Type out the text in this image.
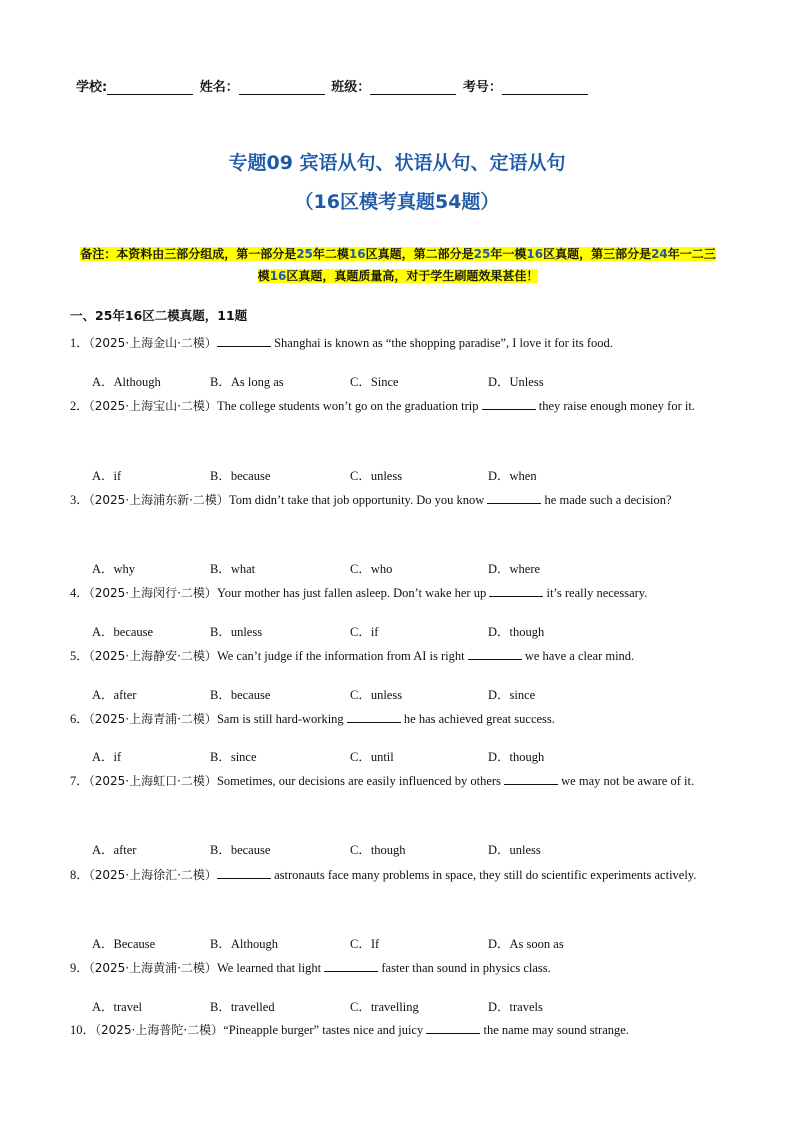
学校:	姓名：	班级：	考号：
专题09 宾语从句、状语从句、定语从句
（16区模考真题54题）
备注：本资料由三部分组成，第一部分是25年二模16区真题，第二部分是25年一模16区真题，第三部分是24年一二三模16区真题，真题质量高，对于学生刷题效果甚佳！
一、25年16区二模真题，11题
1．（2025·上海金山·二模）	Shanghai is known as “the shopping paradise”, I love it for its food.
A．Although	B．As long as	C．Since	D．Unless
2．（2025·上海宝山·二模）The college students won’t go on the graduation trip	they raise enough money for it.
A．if	B．because	C．unless	D．when
3．（2025·上海浦东新·二模）Tom didn’t take that job opportunity. Do you know	he made such a decision?
A．why	B．what	C．who	D．where
4．（2025·上海闵行·二模）Your mother has just fallen asleep. Don’t wake her up	it’s really necessary.
A．because	B．unless	C．if	D．though
5．（2025·上海静安·二模）We can’t judge if the information from AI is right	we have a clear mind.
A．after	B．because	C．unless	D．since
6．（2025·上海青浦·二模）Sam is still hard-working	he has achieved great success.
A．if	B．since	C．until	D．though
7．（2025·上海虹口·二模）Sometimes, our decisions are easily influenced by others	we may not be aware of it.
A．after	B．because	C．though	D．unless
8．（2025·上海徐汇·二模）	astronauts face many problems in space, they still do scientific experiments actively.
A．Because	B．Although	C．If	D．As soon as
9．（2025·上海黄浦·二模）We learned that light	faster than sound in physics class.
A．travel	B．travelled	C．travelling	D．travels
10．（2025·上海普陀·二模）“Pineapple burger” tastes nice and juicy	the name may sound strange.
